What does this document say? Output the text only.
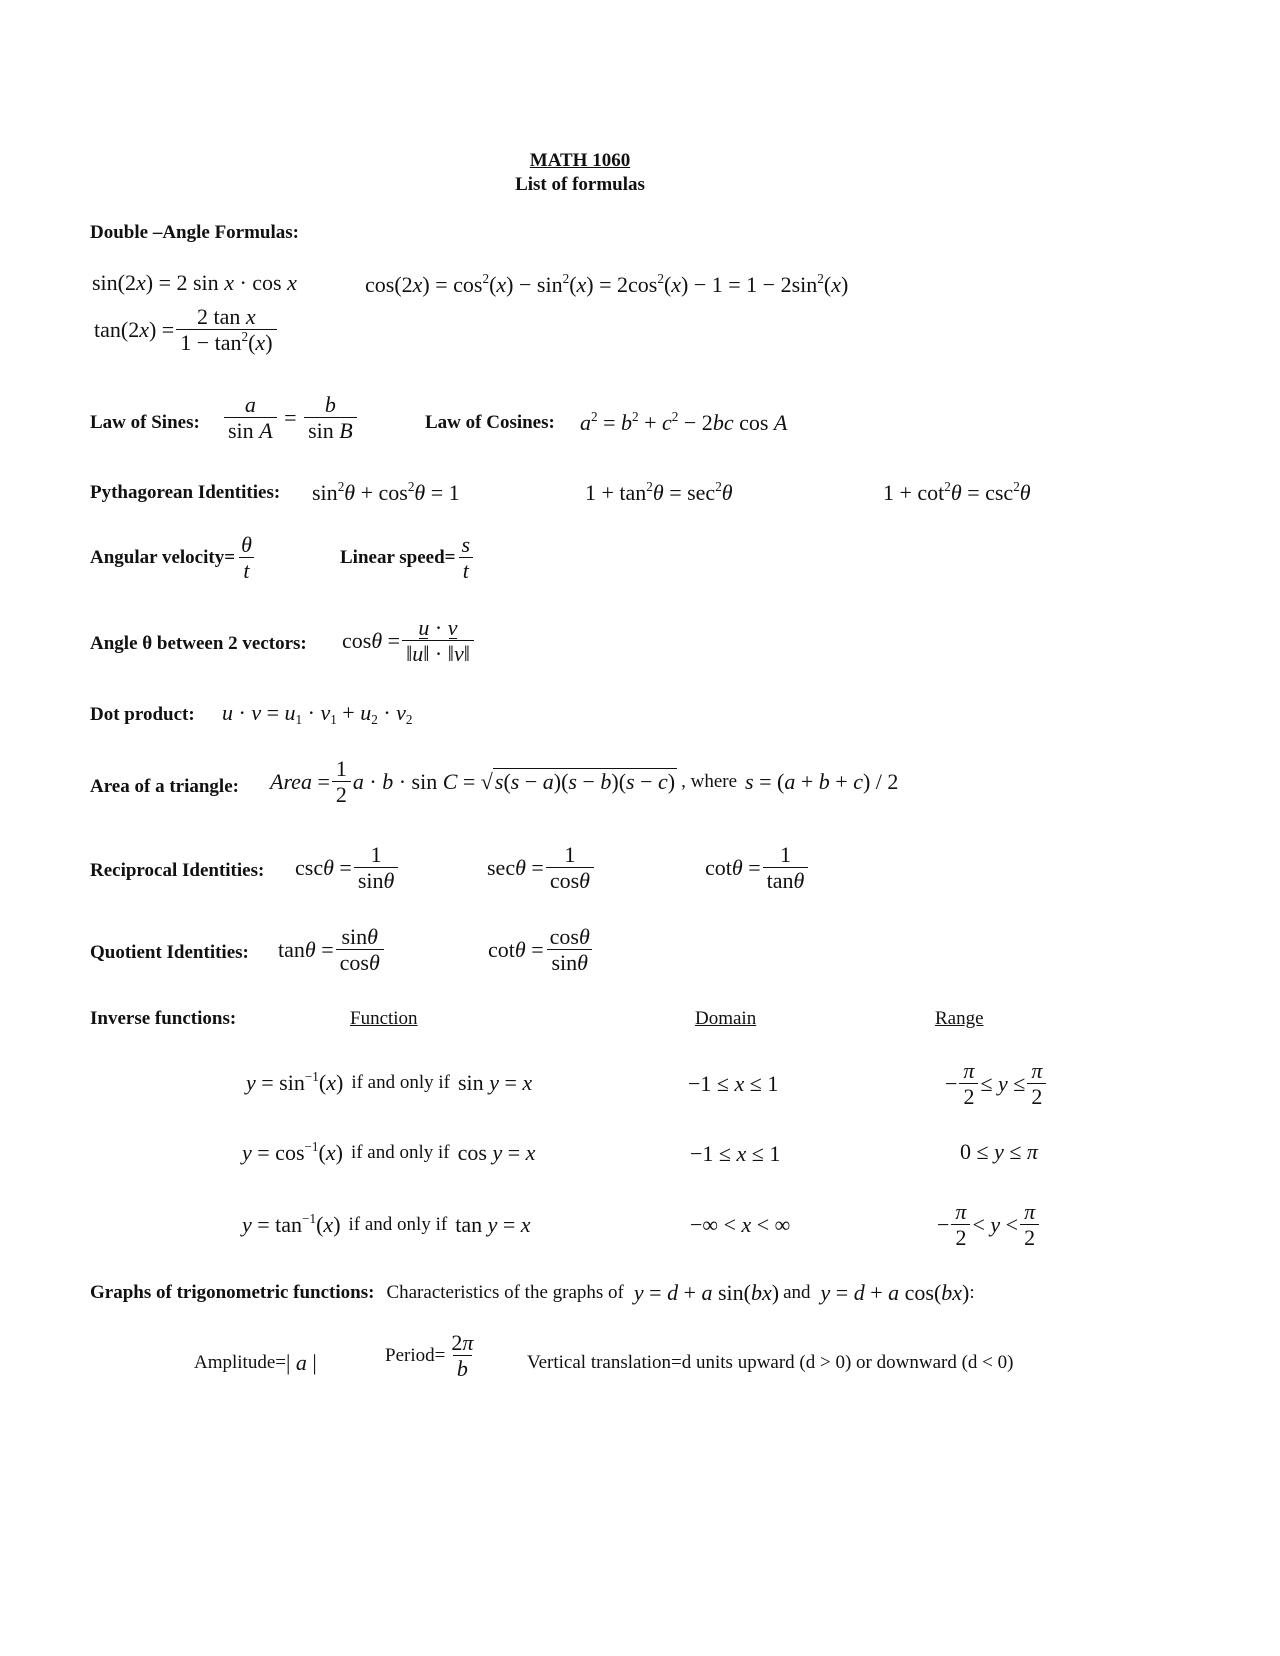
MATH 1060
List of formulas
Double –Angle Formulas:
sin(2x) = 2 sin x · cos x	$\cos(2x) = \cos^2(x) - \sin^2(x) = 2\cos^2(x) - 1 = 1 - 2\sin^2(x)$
$\tan(2x) = \frac{\text{2 tan x}}{1 - \tan^2(x)}$
Law of Sines: $\frac{a}{\text{sin A}} = \frac{b}{\text{sin B}}$	Law of Cosines: $a^2 = b^2 + c^2 - 2bc$ cos A
Pythagorean Identities: $\sin^2\theta + \cos^2\theta = 1$	$1 + \tan^2\theta = \sec^2\theta$	$1 + \cot^2\theta = \csc^2\theta$
Angular velocity= $\frac{\theta}{t}$	Linear speed= $\frac{s}{t}$
Angle θ between 2 vectors: $\cos\theta = \frac{u \cdot v}{‖u‖ \cdot ‖v‖}$
Dot product: $u \cdot v = u_1 \cdot v_1 + u_2 \cdot v_2$
Area of a triangle: Area = $\frac{1}{2}$ a · b · sin C = √s(s − a)(s − b)(s − c) , where s = (a + b + c) / 2
Reciprocal Identities: $\csc\theta = \frac{1}{\sin\theta}$	$\sec\theta = \frac{1}{\cos\theta}$	$\cot\theta = \frac{1}{\tan\theta}$
Quotient Identities: $\tan\theta = \frac{\sin\theta}{\cos\theta}$	$\cot\theta = \frac{\cos\theta}{\sin\theta}$
Inverse functions:	Function	Domain	Range
$y = \sin^{-1}(x)$ if and only if sin y = x	−1 ≤ x ≤ 1	− $\frac{\pi}{2} \le y \le \frac{\pi}{2}$
$y = \cos^{-1}(x)$ if and only if cos y = x	−1 ≤ x ≤ 1	0 ≤ y ≤ π
$y = \tan^{-1}(x)$ if and only if tan y = x	−∞ < x < ∞	− $\frac{\pi}{2} < y < \frac{\pi}{2}$
Graphs of trigonometric functions: Characteristics of the graphs of y = d + a sin(bx) and y = d + a cos(bx) :
Amplitude= | a |	Period= $\frac{2\pi}{b}$	Vertical translation=d units upward (d > 0) or downward (d < 0)
